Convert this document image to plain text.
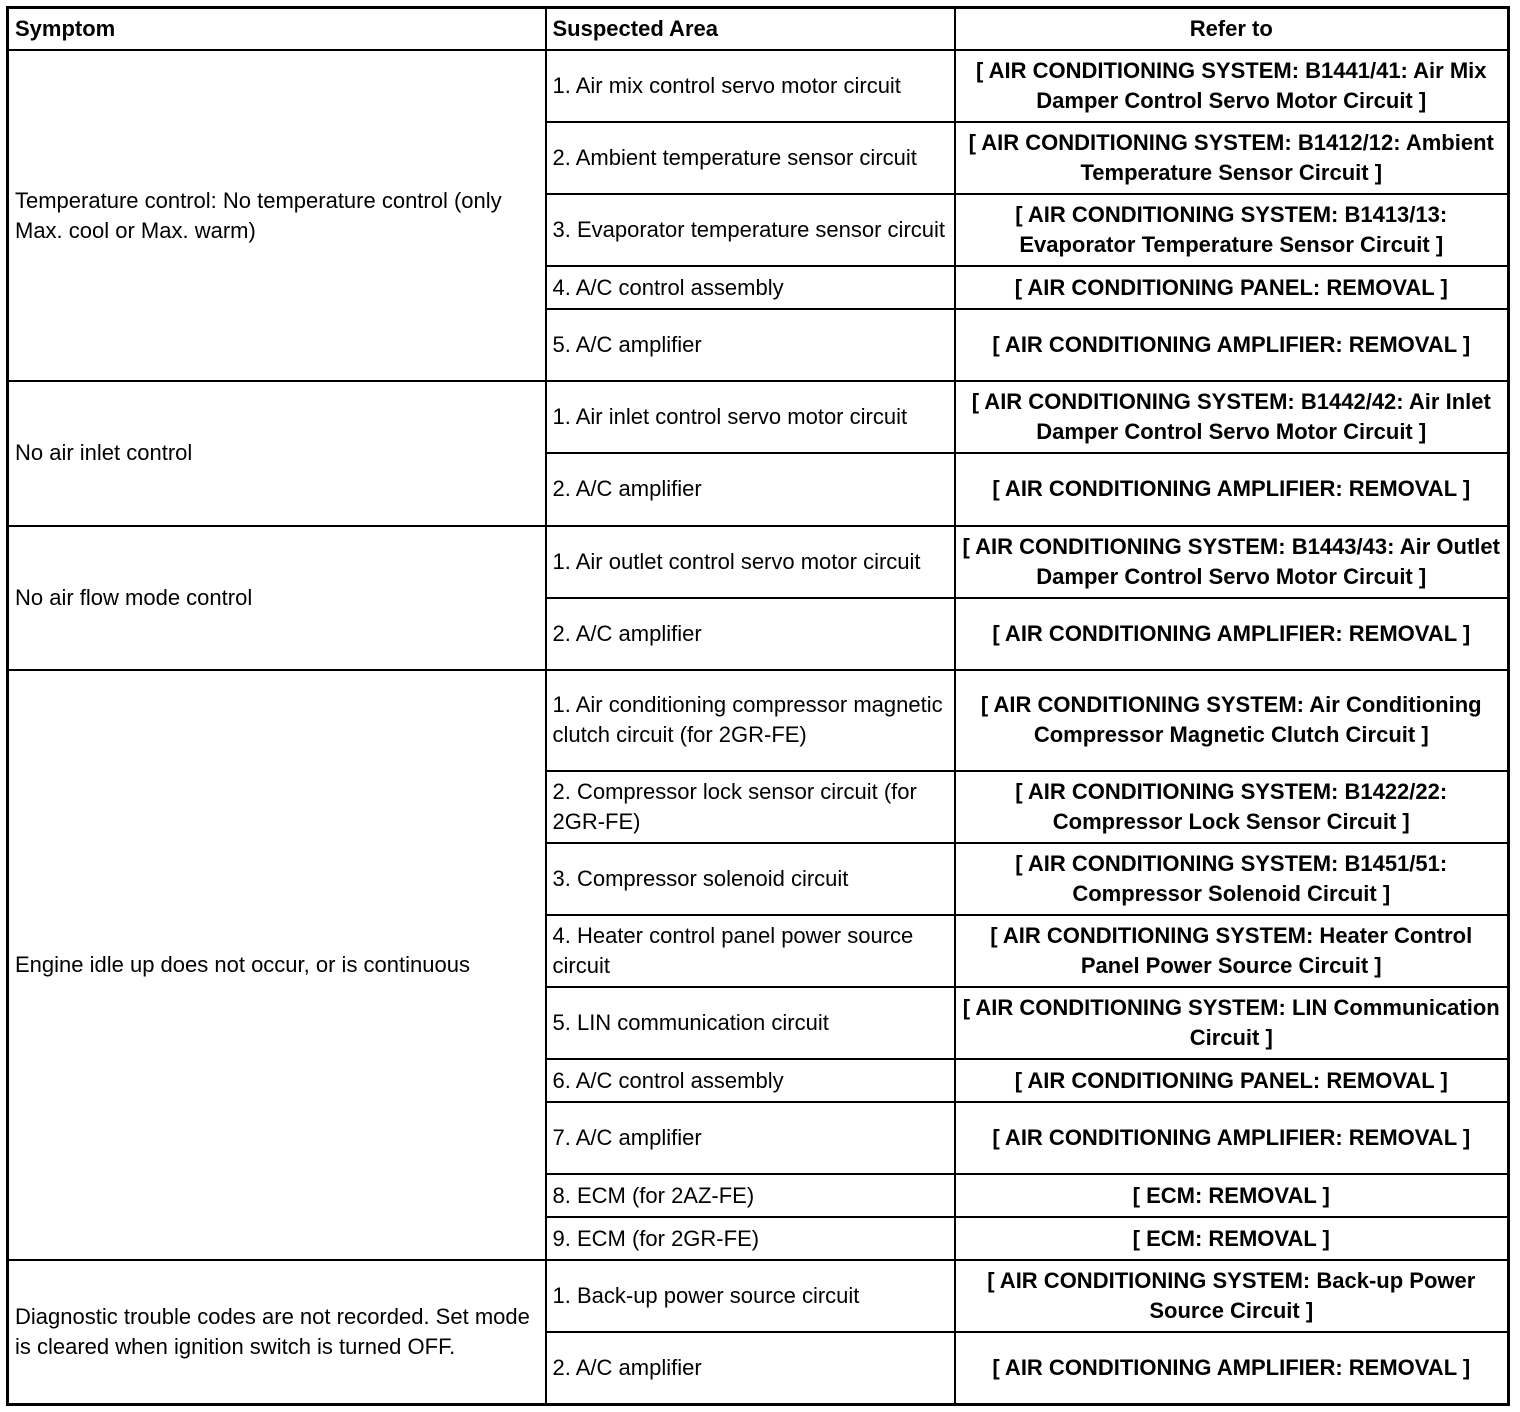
Symptom	Suspected Area	Refer to
Temperature control: No temperature control (only Max. cool or Max. warm)	1. Air mix control servo motor circuit	[ AIR CONDITIONING SYSTEM: B1441/41: Air Mix Damper Control Servo Motor Circuit ]
	2. Ambient temperature sensor circuit	[ AIR CONDITIONING SYSTEM: B1412/12: Ambient Temperature Sensor Circuit ]
	3. Evaporator temperature sensor circuit	[ AIR CONDITIONING SYSTEM: B1413/13: Evaporator Temperature Sensor Circuit ]
	4. A/C control assembly	[ AIR CONDITIONING PANEL: REMOVAL ]
	5. A/C amplifier	[ AIR CONDITIONING AMPLIFIER: REMOVAL ]
No air inlet control	1. Air inlet control servo motor circuit	[ AIR CONDITIONING SYSTEM: B1442/42: Air Inlet Damper Control Servo Motor Circuit ]
	2. A/C amplifier	[ AIR CONDITIONING AMPLIFIER: REMOVAL ]
No air flow mode control	1. Air outlet control servo motor circuit	[ AIR CONDITIONING SYSTEM: B1443/43: Air Outlet Damper Control Servo Motor Circuit ]
	2. A/C amplifier	[ AIR CONDITIONING AMPLIFIER: REMOVAL ]
Engine idle up does not occur, or is continuous	1. Air conditioning compressor magnetic clutch circuit (for 2GR-FE)	[ AIR CONDITIONING SYSTEM: Air Conditioning Compressor Magnetic Clutch Circuit ]
	2. Compressor lock sensor circuit (for 2GR-FE)	[ AIR CONDITIONING SYSTEM: B1422/22: Compressor Lock Sensor Circuit ]
	3. Compressor solenoid circuit	[ AIR CONDITIONING SYSTEM: B1451/51: Compressor Solenoid Circuit ]
	4. Heater control panel power source circuit	[ AIR CONDITIONING SYSTEM: Heater Control Panel Power Source Circuit ]
	5. LIN communication circuit	[ AIR CONDITIONING SYSTEM: LIN Communication Circuit ]
	6. A/C control assembly	[ AIR CONDITIONING PANEL: REMOVAL ]
	7. A/C amplifier	[ AIR CONDITIONING AMPLIFIER: REMOVAL ]
	8. ECM (for 2AZ-FE)	[ ECM: REMOVAL ]
	9. ECM (for 2GR-FE)	[ ECM: REMOVAL ]
Diagnostic trouble codes are not recorded. Set mode is cleared when ignition switch is turned OFF.	1. Back-up power source circuit	[ AIR CONDITIONING SYSTEM: Back-up Power Source Circuit ]
	2. A/C amplifier	[ AIR CONDITIONING AMPLIFIER: REMOVAL ]
